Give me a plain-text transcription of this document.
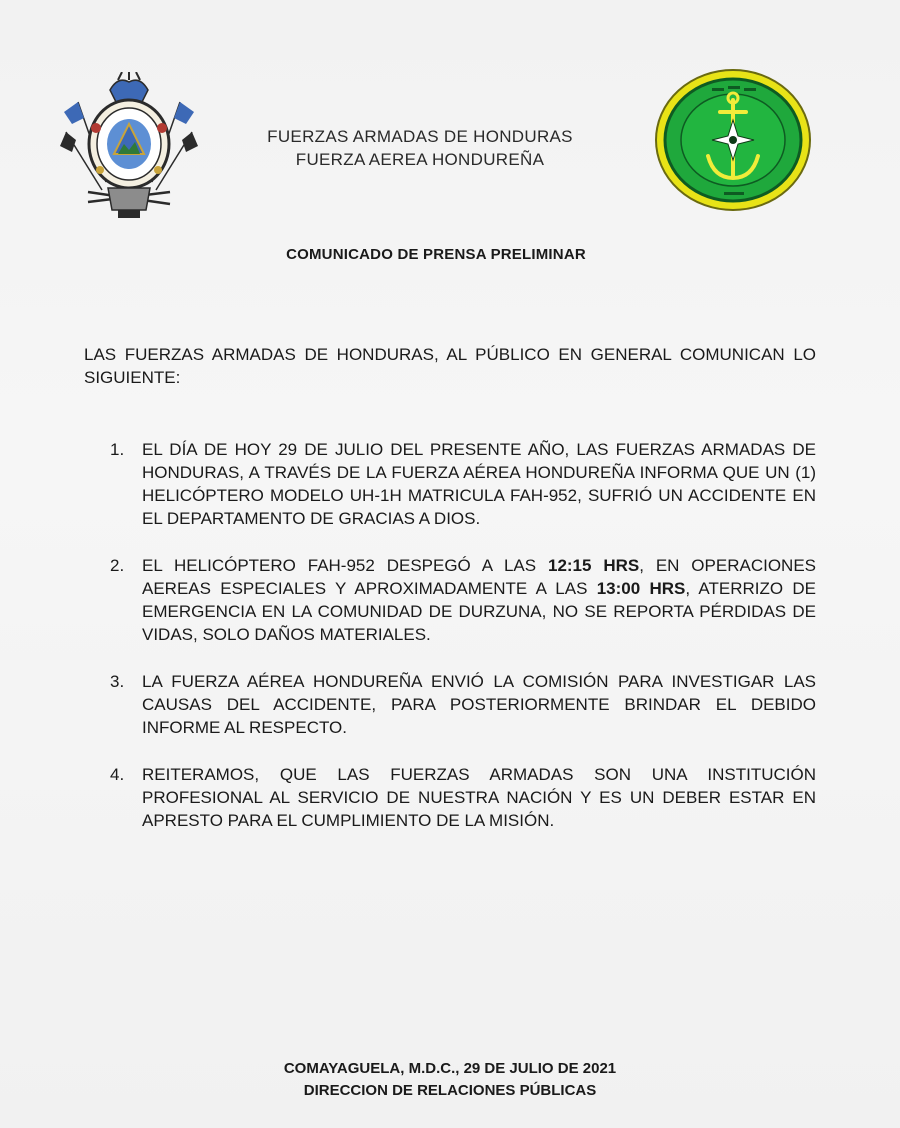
FUERZAS ARMADAS DE HONDURAS
FUERZA AEREA HONDUREÑA
COMUNICADO DE PRENSA PRELIMINAR
LAS FUERZAS ARMADAS DE HONDURAS, AL PÚBLICO EN GENERAL COMUNICAN LO SIGUIENTE:
1. EL DÍA DE HOY 29 DE JULIO DEL PRESENTE AÑO, LAS FUERZAS ARMADAS DE HONDURAS, A TRAVÉS DE LA FUERZA AÉREA HONDUREÑA INFORMA QUE UN (1) HELICÓPTERO MODELO UH-1H MATRICULA FAH-952, SUFRIÓ UN ACCIDENTE EN EL DEPARTAMENTO DE GRACIAS A DIOS.
2. EL HELICÓPTERO FAH-952 DESPEGÓ A LAS 12:15 HRS, EN OPERACIONES AEREAS ESPECIALES Y APROXIMADAMENTE A LAS 13:00 HRS, ATERRIZO DE EMERGENCIA EN LA COMUNIDAD DE DURZUNA, NO SE REPORTA PÉRDIDAS DE VIDAS, SOLO DAÑOS MATERIALES.
3. LA FUERZA AÉREA HONDUREÑA ENVIÓ LA COMISIÓN PARA INVESTIGAR LAS CAUSAS DEL ACCIDENTE, PARA POSTERIORMENTE BRINDAR EL DEBIDO INFORME AL RESPECTO.
4. REITERAMOS, QUE LAS FUERZAS ARMADAS SON UNA INSTITUCIÓN PROFESIONAL AL SERVICIO DE NUESTRA NACIÓN Y ES UN DEBER ESTAR EN APRESTO PARA EL CUMPLIMIENTO DE LA MISIÓN.
COMAYAGUELA, M.D.C., 29 DE JULIO DE 2021
DIRECCION DE RELACIONES PÚBLICAS
